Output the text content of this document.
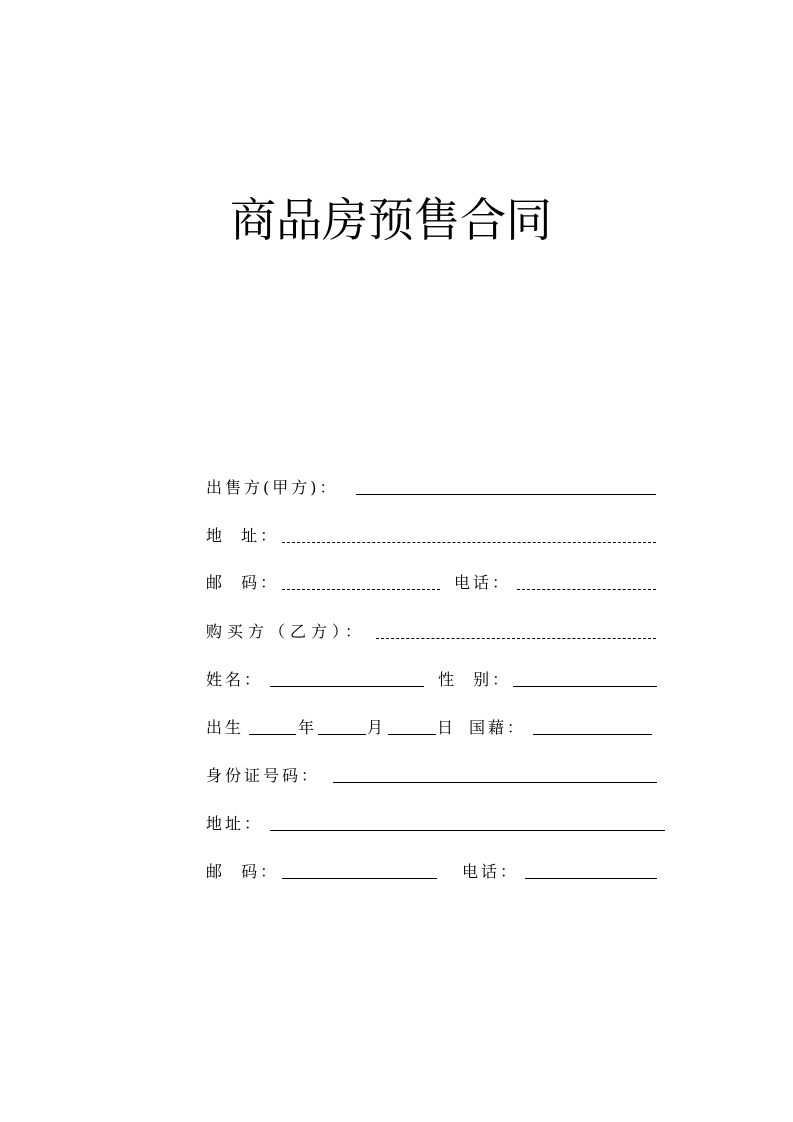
商品房预售合同
出售方(甲方)：
地  址：
邮  码：	电话：
购买方（乙方）：
姓名：	性  别：
出生	年	月	日 国藉：
身份证号码：
地址：
邮  码：	电话：
